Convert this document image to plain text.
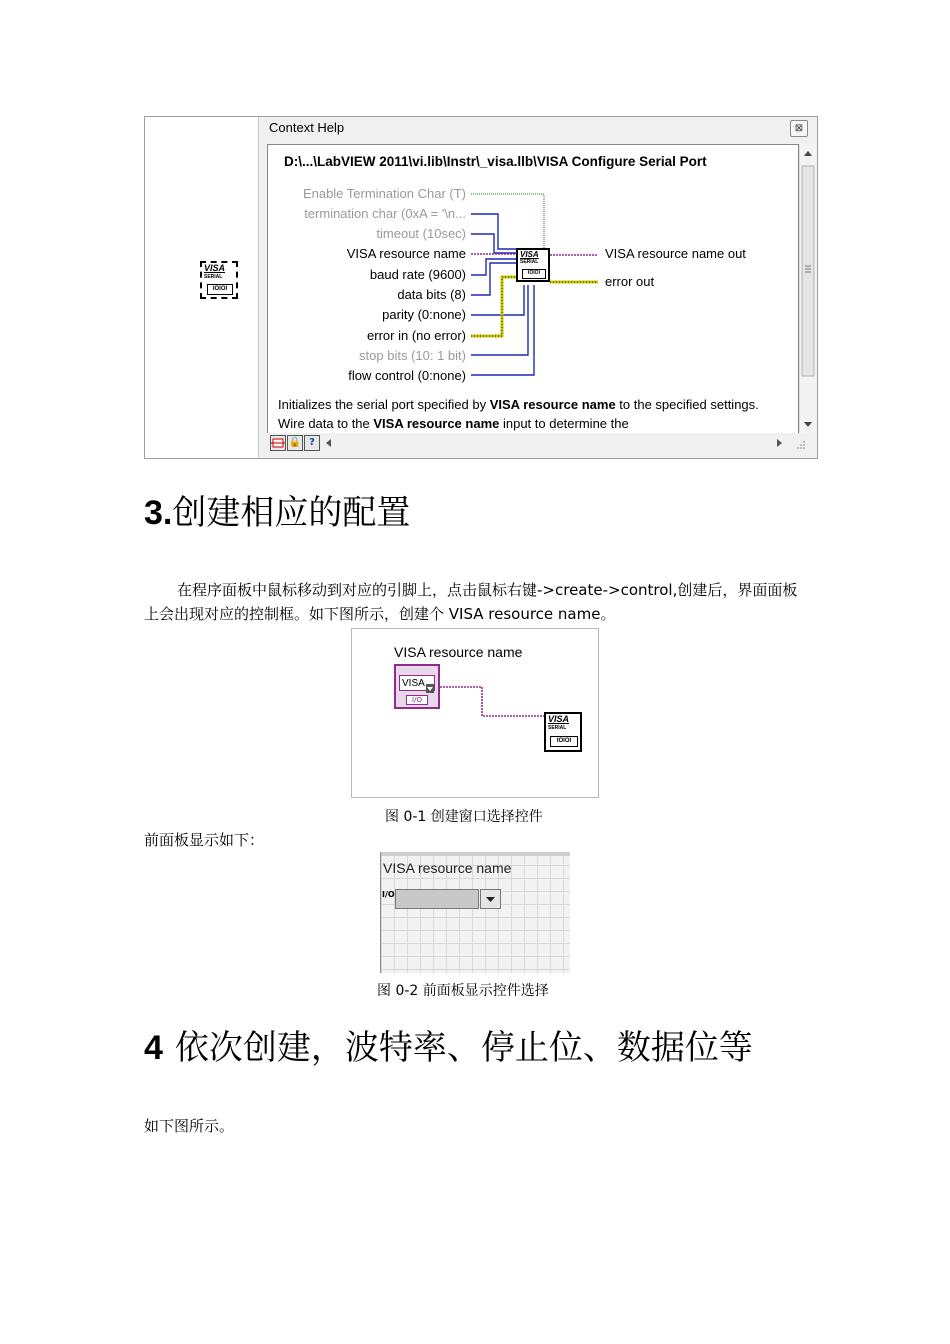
VISA
SERIAL
IOIOI
Context Help	⊠
D:\...\LabVIEW 2011\vi.lib\Instr\_visa.llb\VISA Configure Serial Port
Enable Termination Char (T)
termination char (0xA = '\n...
timeout (10sec)
VISA resource name
baud rate (9600)
data bits (8)
parity (0:none)
error in (no error)
stop bits (10: 1 bit)
flow control (0:none)
VISA resource name out
error out
VISA
SERIAL
IOIOI
Initializes the serial port specified by VISA resource name to the specified settings. Wire data to the VISA resource name input to determine the
🔒 ?
3.创建相应的配置
在程序面板中鼠标移动到对应的引脚上，点击鼠标右键->create->control,创建后，界面面板上会出现对应的控制框。如下图所示，创建个 VISA resource name。
VISA resource name
VISA
I/O
VISA
SERIAL
IOIOI
图 0-1 创建窗口选择控件
前面板显示如下：
VISA resource name
I/O
图 0-2 前面板显示控件选择
4 依次创建，波特率、停止位、数据位等
如下图所示。
